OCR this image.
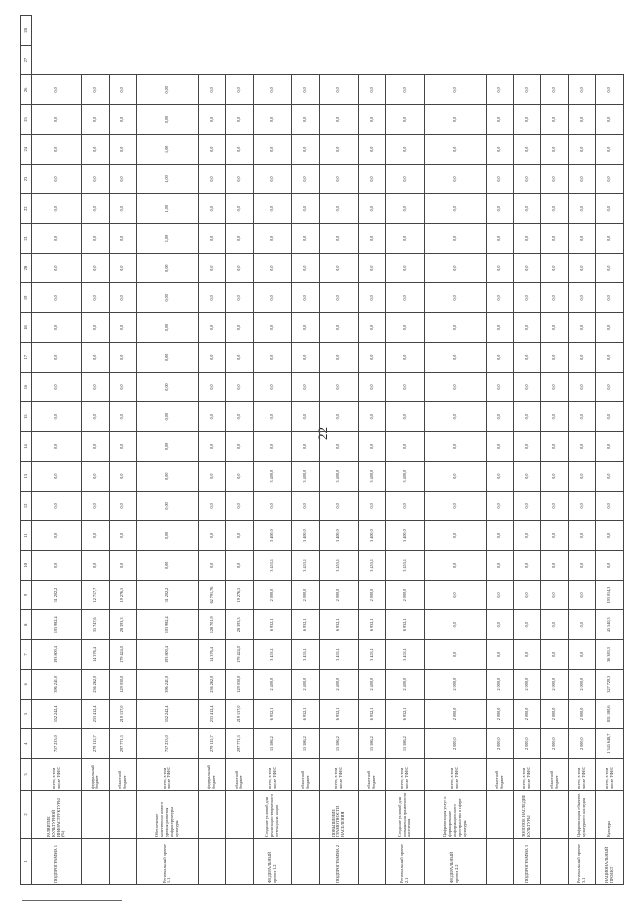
22
1	2	3	4	5	6	7	8	9	10	11	12	13	14	15	16	17	18	19	20	21	22	23	24	25	26	27	28
ПОДПРОГРАММА 1	РАЗВИТИЕ КУЛЬТУРНОЙ ИНФРАСТРУКТУРЫ (%)	всего, в том числе ТФЕС	757 233,0	552 242,4	396 241,0	193 800,4	103 982,4	31 202,2	0,0	0,0	0,0	0,0	0,0	0,0	0,0	0,0	0,0	0,0	0,0	0,0	0,0	0,0	0,0	0,0	0,0		
		федеральный бюджет	279 115,7	233 412,4	236 262,0	14 376,4	35 747,6	12 717,7	0,0	0,0	0,0	0,0	0,0	0,0	0,0	0,0	0,0	0,0	0,0	0,0	0,0	0,0	0,0	0,0	0,0		
		областной бюджет	297 771,3	219 137,0	129 030,0	179 424,0	28 393,3	19 276,5	0,0	0,0	0,0	0,0	0,0	0,0	0,0	0,0	0,0	0,0	0,0	0,0	0,0	0,0	0,0	0,0	0,0		
Региональный проект 1.1	Обеспечение качественно нового уровня развития инфраструктуры культуры	всего, в том числе ТФЕС	757 233,0	552 242,4	396 241,0	193 800,4	103 982,4	31 202,2	0,00	0,00	0,00	0,00	0,00	0,00	0,00	0,00	0,00	0,00	0,00	1,00	1,00	1,00	1,00	0,00	0,00		
		федеральный бюджет	279 115,7	233 412,4	236 262,0	14 376,4	128 701,9	62 791,76	0,0	0,0	0,0	0,0	0,0	0,0	0,0	0,0	0,0	0,0	0,0	0,0	0,0	0,0	0,0	0,0	0,0		
		областной бюджет	297 771,3	219 137,0	129 030,0	179 424,0	28 393,3	19 276,5	0,0	0,0	0,0	0,0	0,0	0,0	0,0	0,0	0,0	0,0	0,0	0,0	0,0	0,0	0,0	0,0	0,0		
ФЕДЕРАЛЬНЫЙ проект 1.2	Создание условий для реализации творческого потенциала нации	всего, в том числе ТФЕС	15 586,2	6 932,1	2 400,0	3 453,1	6 932,1	2 000,0	3 453,1	3 400,0	0,0	3 400,0	0,0	0,0	0,0	0,0	0,0	0,0	0,0	0,0	0,0	0,0	0,0	0,0	0,0		
		областной бюджет	15 586,2	6 932,1	2 400,0	3 453,1	6 932,1	2 000,0	3 453,1	3 400,0	0,0	3 400,0	0,0	0,0	0,0	0,0	0,0	0,0	0,0	0,0	0,0	0,0	0,0	0,0	0,0		
ПОДПРОГРАММА 2	ПОВЫШЕНИЕ ГРАМОТНОСТИ НАСЕЛЕНИЯ	всего, в том числе ТФЕС	15 586,2	6 932,1	2 400,0	3 453,1	6 932,1	2 000,0	3 453,1	3 400,0	0,0	3 400,0	0,0	0,0	0,0	0,0	0,0	0,0	0,0	0,0	0,0	0,0	0,0	0,0	0,0		
		областной бюджет	15 586,2	6 932,1	2 400,0	3 453,1	6 932,1	2 000,0	3 453,1	3 400,0	0,0	3 400,0	0,0	0,0	0,0	0,0	0,0	0,0	0,0	0,0	0,0	0,0	0,0	0,0	0,0		
Региональный проект 2.1	Создание условий для повышения грамотности населения	всего, в том числе ТФЕС	15 586,2	6 932,1	2 400,0	3 453,1	6 932,1	2 000,0	3 453,1	3 400,0	0,0	3 400,0	0,0	0,0	0,0	0,0	0,0	0,0	0,0	0,0	0,0	0,0	0,0	0,0	0,0		
ФЕДЕРАЛЬНЫЙ проект 2.2	Цифровизация услуг и формирование информационного пространства в сфере культуры	всего, в том числе ТФЕС	2 000,0	2 000,0	2 000,0	0,0	0,0	0,0	0,0	0,0	0,0	0,0	0,0	0,0	0,0	0,0	0,0	0,0	0,0	0,0	0,0	0,0	0,0	0,0	0,0		
		областной бюджет	2 000,0	2 000,0	2 000,0	0,0	0,0	0,0	0,0	0,0	0,0	0,0	0,0	0,0	0,0	0,0	0,0	0,0	0,0	0,0	0,0	0,0	0,0	0,0	0,0		
ПОДПРОГРАММА 3	ЗОЛОТОЕ НАСЛЕДИЕ КУЛЬТУРЫ	всего, в том числе ТФЕС	2 000,0	2 000,0	2 000,0	0,0	0,0	0,0	0,0	0,0	0,0	0,0	0,0	0,0	0,0	0,0	0,0	0,0	0,0	0,0	0,0	0,0	0,0	0,0	0,0		
		областной бюджет	2 000,0	2 000,0	2 000,0	0,0	0,0	0,0	0,0	0,0	0,0	0,0	0,0	0,0	0,0	0,0	0,0	0,0	0,0	0,0	0,0	0,0	0,0	0,0	0,0		
Региональный проект 3.1	Цифровизация объектов культурного наследия	всего, в том числе ТФЕС	2 000,0	2 000,0	2 000,0	0,0	0,0	0,0	0,0	0,0	0,0	0,0	0,0	0,0	0,0	0,0	0,0	0,0	0,0	0,0	0,0	0,0	0,0	0,0	0,0		
НАЦИОНАЛЬНЫЙ ПРОЕКТ	Культура	всего, в том числе ТФЕС	1 345 648,7	831 180,6	327 729,3	36 383,3	45 540,3	193 014,3	0,0	0,0	0,0	0,0	0,0	0,0	0,0	0,0	0,0	0,0	0,0	0,0	0,0	0,0	0,0	0,0	0,0		
